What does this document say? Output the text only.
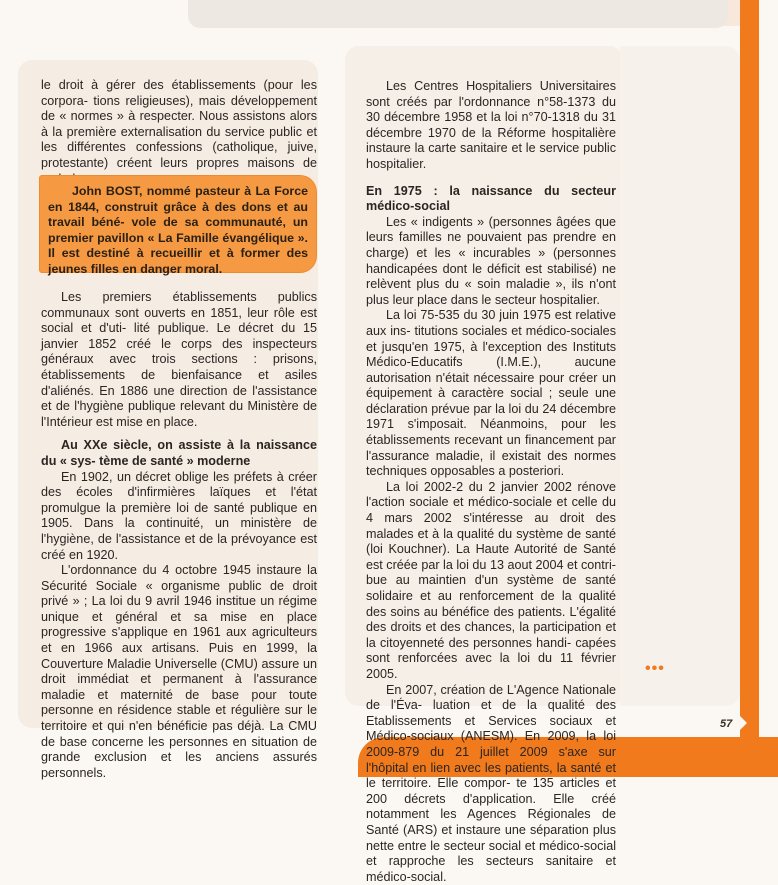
le droit à gérer des établissements (pour les corpora- tions religieuses), mais développement de « normes » à respecter. Nous assistons alors à la première externalisation du service public et les différentes confessions (catholique, juive, protestante) créent leurs propres maisons de

John BOST, nommé pasteur à La Force en 1844, construit grâce à des dons et au travail béné- vole de sa communauté, un premier pavillon « La Famille évangélique ». Il est destiné à recueillir et à former des jeunes filles en danger moral.

Les premiers établissements publics communaux sont ouverts en 1851, leur rôle est social et d'uti- lité publique. Le décret du 15 janvier 1852 créé le corps des inspecteurs généraux avec trois sections : prisons, établissements de bienfaisance et asiles d'aliénés. En 1886 une direction de l'assistance et de l'hygiène publique relevant du Ministère de l'Intérieur est mise en place.

Au XXe siècle, on assiste à la naissance du « sys- tème de santé » moderne

En 1902, un décret oblige les préfets à créer des écoles d'infirmières laïques et l'état promulgue la première loi de santé publique en 1905. Dans la continuité, un ministère de l'hygiène, de l'assistance et de la prévoyance est créé en 1920.

L'ordonnance du 4 octobre 1945 instaure la Sécurité Sociale « organisme public de droit privé » ; La loi du 9 avril 1946 institue un régime unique et général et sa mise en place progressive s'applique en 1961 aux agriculteurs et en 1966 aux artisans. Puis en 1999, la Couverture Maladie Universelle (CMU) assure un droit immédiat et permanent à l'assurance maladie et maternité de base pour toute personne en résidence stable et régulière sur le territoire et qui n'en bénéficie pas déjà. La CMU de base concerne les personnes en situation de grande exclusion et les anciens assurés personnels.

Les Centres Hospitaliers Universitaires sont créés par l'ordonnance n°58-1373 du 30 décembre 1958 et la loi n°70-1318 du 31 décembre 1970 de la Réforme hospitalière instaure la carte sanitaire et le service public hospitalier.

En 1975 : la naissance du secteur médico-social

Les « indigents » (personnes âgées que leurs familles ne pouvaient pas prendre en charge) et les « incurables » (personnes handicapées dont le déficit est stabilisé) ne relèvent plus du « soin maladie », ils n'ont plus leur place dans le secteur hospitalier.

La loi 75-535 du 30 juin 1975 est relative aux ins- titutions sociales et médico-sociales et jusqu'en 1975, à l'exception des Instituts Médico-Educatifs (I.M.E.), aucune autorisation n'était nécessaire pour créer un équipement à caractère social ; seule une déclaration prévue par la loi du 24 décembre 1971 s'imposait. Néanmoins, pour les établissements recevant un financement par l'assurance maladie, il existait des normes techniques opposables a posteriori.

La loi 2002-2 du 2 janvier 2002 rénove l'action sociale et médico-sociale et celle du 4 mars 2002 s'intéresse au droit des malades et à la qualité du système de santé (loi Kouchner). La Haute Autorité de Santé est créée par la loi du 13 aout 2004 et contri- bue au maintien d'un système de santé solidaire et au renforcement de la qualité des soins au bénéfice des patients. L'égalité des droits et des chances, la participation et la citoyenneté des personnes handi- capées sont renforcées avec la loi du 11 février 2005.

En 2007, création de L'Agence Nationale de l'Éva- luation et de la qualité des Etablissements et Services sociaux et Médico-sociaux (ANESM). En 2009, la loi 2009-879 du 21 juillet 2009 s'axe sur l'hôpital en lien avec les patients, la santé et le territoire. Elle compor- te 135 articles et 200 décrets d'application. Elle créé notamment les Agences Régionales de Santé (ARS) et instaure une séparation plus nette entre le secteur social et médico-social et rapproche les secteurs sanitaire et médico-social.

•••
57
